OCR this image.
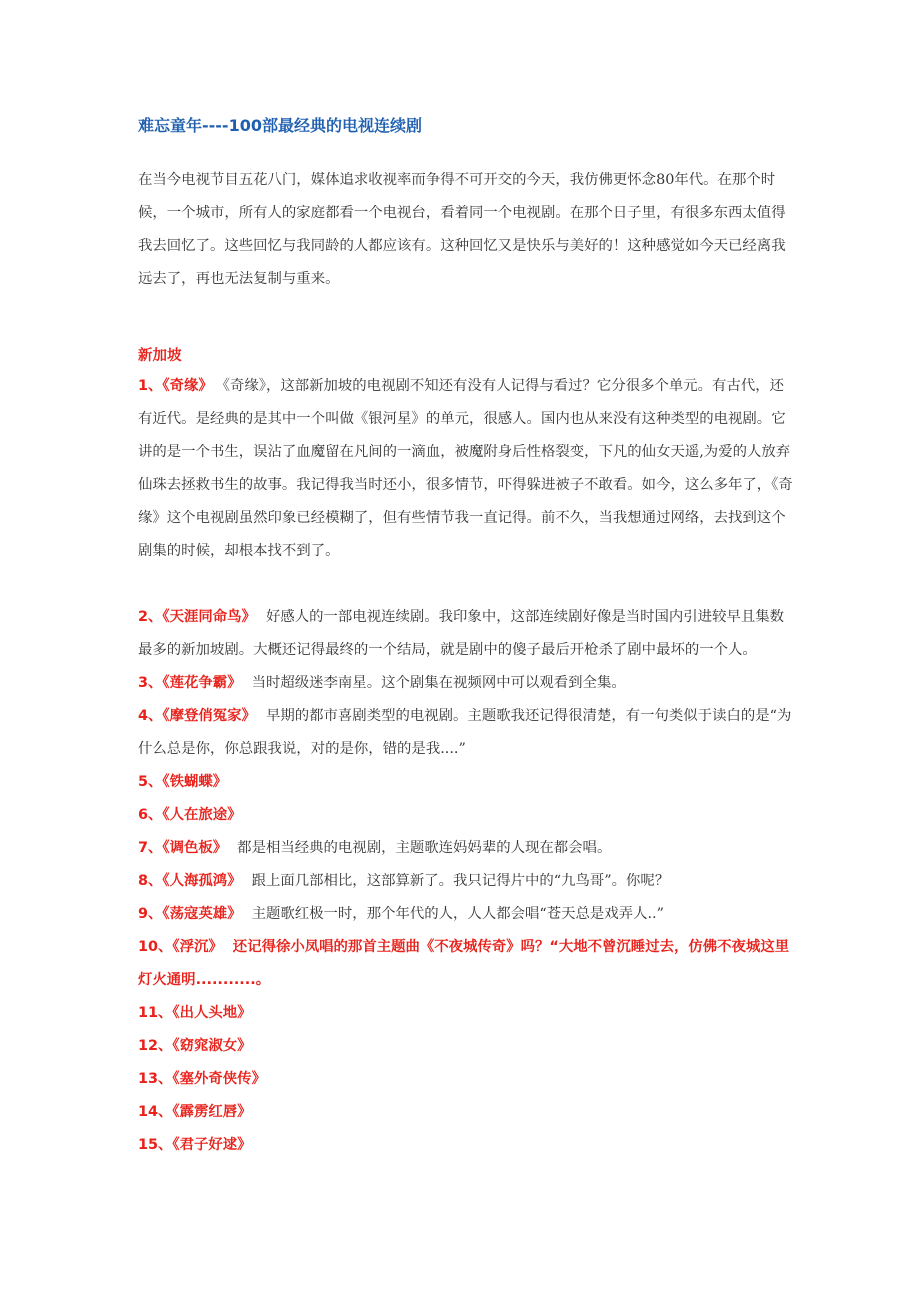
难忘童年----100部最经典的电视连续剧

在当今电视节目五花八门，媒体追求收视率而争得不可开交的今天，我仿佛更怀念80年代。在那个时候，一个城市，所有人的家庭都看一个电视台，看着同一个电视剧。在那个日子里，有很多东西太值得我去回忆了。这些回忆与我同龄的人都应该有。这种回忆又是快乐与美好的！这种感觉如今天已经离我远去了，再也无法复制与重来。

新加坡

1、《奇缘》 《奇缘》，这部新加坡的电视剧不知还有没有人记得与看过？它分很多个单元。有古代，还有近代。是经典的是其中一个叫做《银河星》的单元，很感人。国内也从来没有这种类型的电视剧。它讲的是一个书生，误沾了血魔留在凡间的一滴血，被魔附身后性格裂变，下凡的仙女天遥,为爱的人放弃仙珠去拯救书生的故事。我记得我当时还小，很多情节，吓得躲进被子不敢看。如今，这么多年了，《奇缘》这个电视剧虽然印象已经模糊了，但有些情节我一直记得。前不久，当我想通过网络，去找到这个剧集的时候，却根本找不到了。

2、《天涯同命鸟》 好感人的一部电视连续剧。我印象中，这部连续剧好像是当时国内引进较早且集数最多的新加坡剧。大概还记得最终的一个结局，就是剧中的傻子最后开枪杀了剧中最坏的一个人。

3、《莲花争霸》 当时超级迷李南星。这个剧集在视频网中可以观看到全集。

4、《摩登俏冤家》 早期的都市喜剧类型的电视剧。主题歌我还记得很清楚，有一句类似于读白的是“为什么总是你，你总跟我说，对的是你，错的是我....”

5、《铁蝴蝶》

6、《人在旅途》

7、《调色板》 都是相当经典的电视剧，主题歌连妈妈辈的人现在都会唱。

8、《人海孤鸿》 跟上面几部相比，这部算新了。我只记得片中的“九鸟哥”。你呢？

9、《荡寇英雄》 主题歌红极一时，那个年代的人，人人都会唱“苍天总是戏弄人..”

10、《浮沉》 还记得徐小凤唱的那首主题曲《不夜城传奇》吗？“大地不曾沉睡过去，仿佛不夜城这里灯火通明...........。

11、《出人头地》

12、《窈窕淑女》

13、《塞外奇侠传》

14、《霹雳红唇》

15、《君子好逑》
